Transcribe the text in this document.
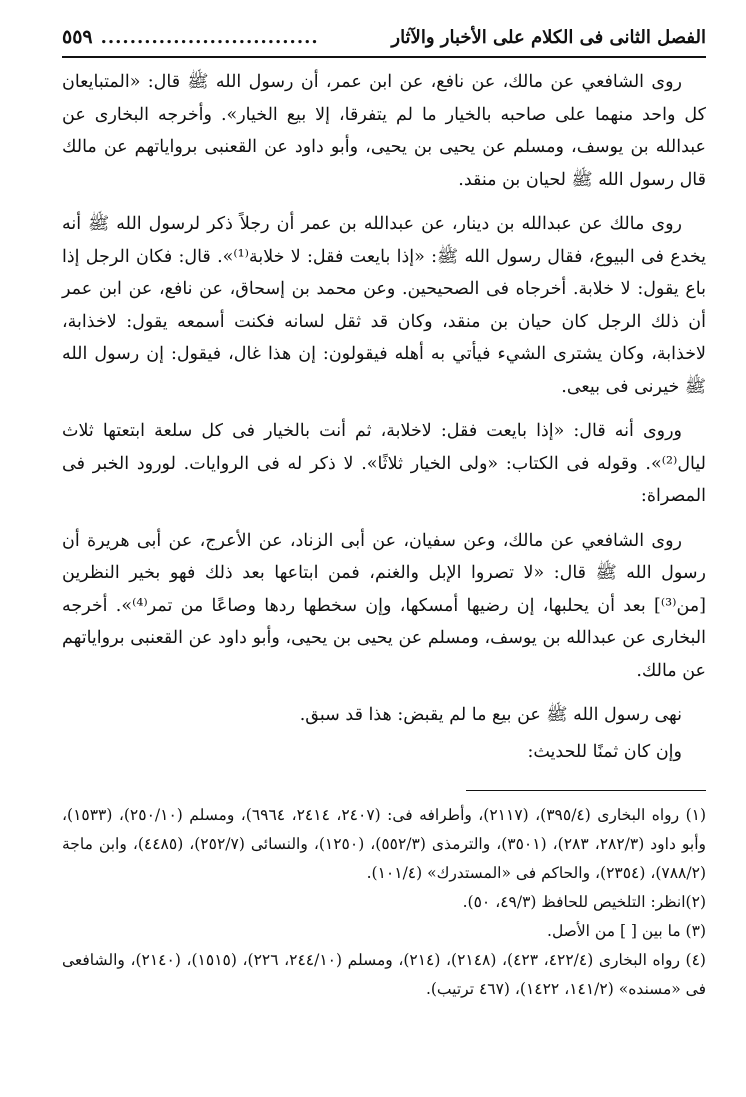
الفصل الثانى فى الكلام على الأخبار والآثار
..............................
٥٥٩

روى الشافعي عن مالك، عن نافع، عن ابن عمر، أن رسول الله ﷺ قال: «المتبايعان كل واحد منهما على صاحبه بالخيار ما لم يتفرقا، إلا بيع الخيار». وأخرجه البخارى عن عبدالله بن يوسف، ومسلم عن يحيى بن يحيى، وأبو داود عن القعنبى برواياتهم عن مالك قال رسول الله ﷺ لحيان بن منقد.

روى مالك عن عبدالله بن دينار، عن عبدالله بن عمر أن رجلاً ذكر لرسول الله ﷺ أنه يخدع فى البيوع، فقال رسول الله ﷺ: «إذا بايعت فقل: لا خلابة⁽¹⁾». قال: فكان الرجل إذا باع يقول: لا خلابة. أخرجاه فى الصحيحين. وعن محمد بن إسحاق، عن نافع، عن ابن عمر أن ذلك الرجل كان حيان بن منقد، وكان قد ثقل لسانه فكنت أسمعه يقول: لاخذابة، لاخذابة، وكان يشترى الشيء فيأتي به أهله فيقولون: إن هذا غال، فيقول: إن رسول الله ﷺ خيرنى فى بيعى.

وروى أنه قال: «إذا بايعت فقل: لاخلابة، ثم أنت بالخيار فى كل سلعة ابتعتها ثلاث ليال⁽²⁾». وقوله فى الكتاب: «ولى الخيار ثلاثًا». لا ذكر له فى الروايات. لورود الخبر فى المصراة:

روى الشافعي عن مالك، وعن سفيان، عن أبى الزناد، عن الأعرج، عن أبى هريرة أن رسول الله ﷺ قال: «لا تصروا الإبل والغنم، فمن ابتاعها بعد ذلك فهو بخير النظرين [من⁽³⁾] بعد أن يحلبها، إن رضيها أمسكها، وإن سخطها ردها وصاعًا من تمر⁽⁴⁾». أخرجه البخارى عن عبدالله بن يوسف، ومسلم عن يحيى بن يحيى، وأبو داود عن القعنبى برواياتهم عن مالك.

نهى رسول الله ﷺ عن بيع ما لم يقبض: هذا قد سبق.

وإن كان ثمنًا للحديث:

(١) رواه البخارى (٣٩٥/٤)، (٢١١٧)، وأطرافه فى: (٢٤٠٧، ٢٤١٤، ٦٩٦٤)، ومسلم (٢٥٠/١٠)، (١٥٣٣)، وأبو داود (٢٨٢/٣، ٢٨٣)، (٣٥٠١)، والترمذى (٥٥٢/٣)، (١٢٥٠)، والنسائى (٢٥٢/٧)، (٤٤٨٥)، وابن ماجة (٧٨٨/٢)، (٢٣٥٤)، والحاكم فى «المستدرك» (١٠١/٤).

(٢)انظر: التلخيص للحافظ (٤٩/٣، ٥٠).

(٣) ما بين [ ] من الأصل.

(٤) رواه البخارى (٤٢٢/٤، ٤٢٣)، (٢١٤٨)، (٢١٤)، ومسلم (٢٤٤/١٠، ٢٢٦)، (١٥١٥)، (٢١٤٠)، والشافعى فى «مسنده» (١٤١/٢، ١٤٢٢)، (٤٦٧ ترتيب).
